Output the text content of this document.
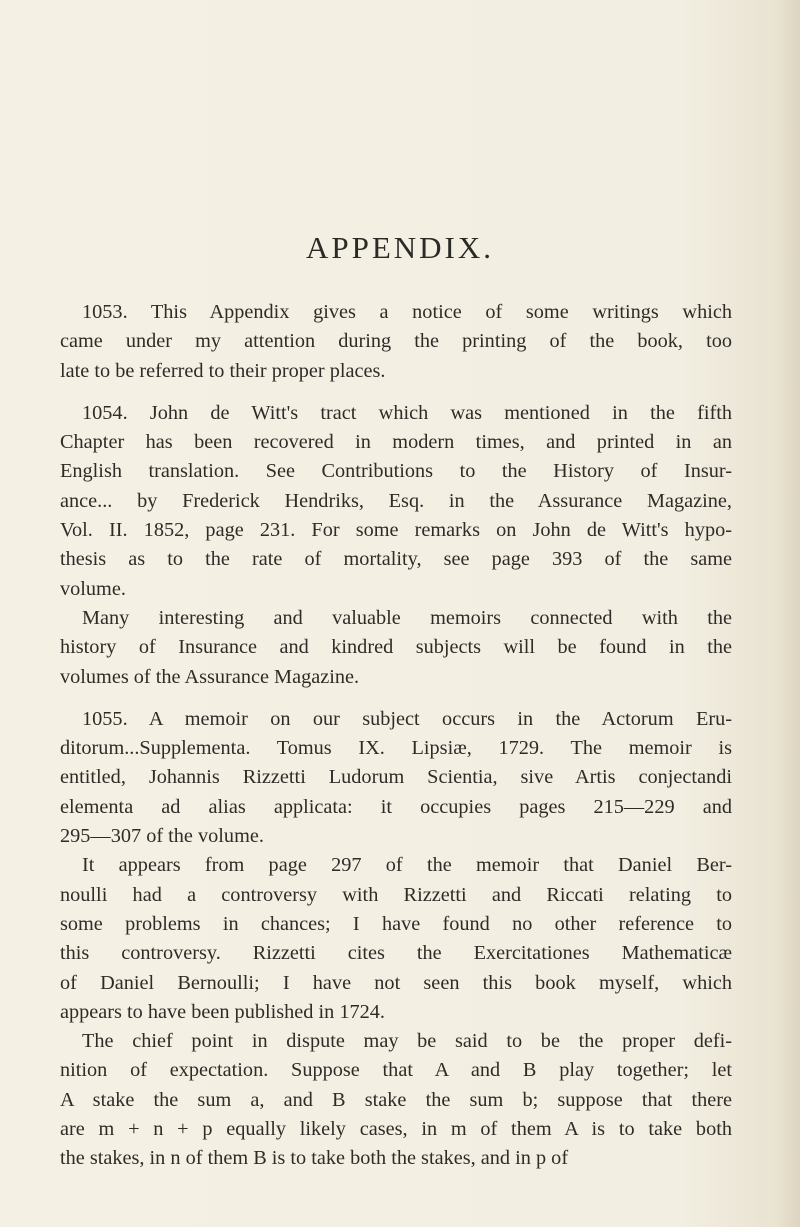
APPENDIX.
1053. This Appendix gives a notice of some writings which
came under my attention during the printing of the book, too
late to be referred to their proper places.
1054. John de Witt's tract which was mentioned in the fifth
Chapter has been recovered in modern times, and printed in an
English translation. See Contributions to the History of Insur-
ance... by Frederick Hendriks, Esq. in the Assurance Magazine,
Vol. II. 1852, page 231. For some remarks on John de Witt's hypo-
thesis as to the rate of mortality, see page 393 of the same
volume.
Many interesting and valuable memoirs connected with the
history of Insurance and kindred subjects will be found in the
volumes of the Assurance Magazine.
1055. A memoir on our subject occurs in the Actorum Eru-
ditorum...Supplementa. Tomus IX. Lipsiæ, 1729. The memoir is
entitled, Johannis Rizzetti Ludorum Scientia, sive Artis conjectandi
elementa ad alias applicata: it occupies pages 215—229 and
295—307 of the volume.
It appears from page 297 of the memoir that Daniel Ber-
noulli had a controversy with Rizzetti and Riccati relating to
some problems in chances; I have found no other reference to
this controversy. Rizzetti cites the Exercitationes Mathematicæ
of Daniel Bernoulli; I have not seen this book myself, which
appears to have been published in 1724.
The chief point in dispute may be said to be the proper defi-
nition of expectation. Suppose that A and B play together; let
A stake the sum a, and B stake the sum b; suppose that there
are m + n + p equally likely cases, in m of them A is to take both
the stakes, in n of them B is to take both the stakes, and in p of
